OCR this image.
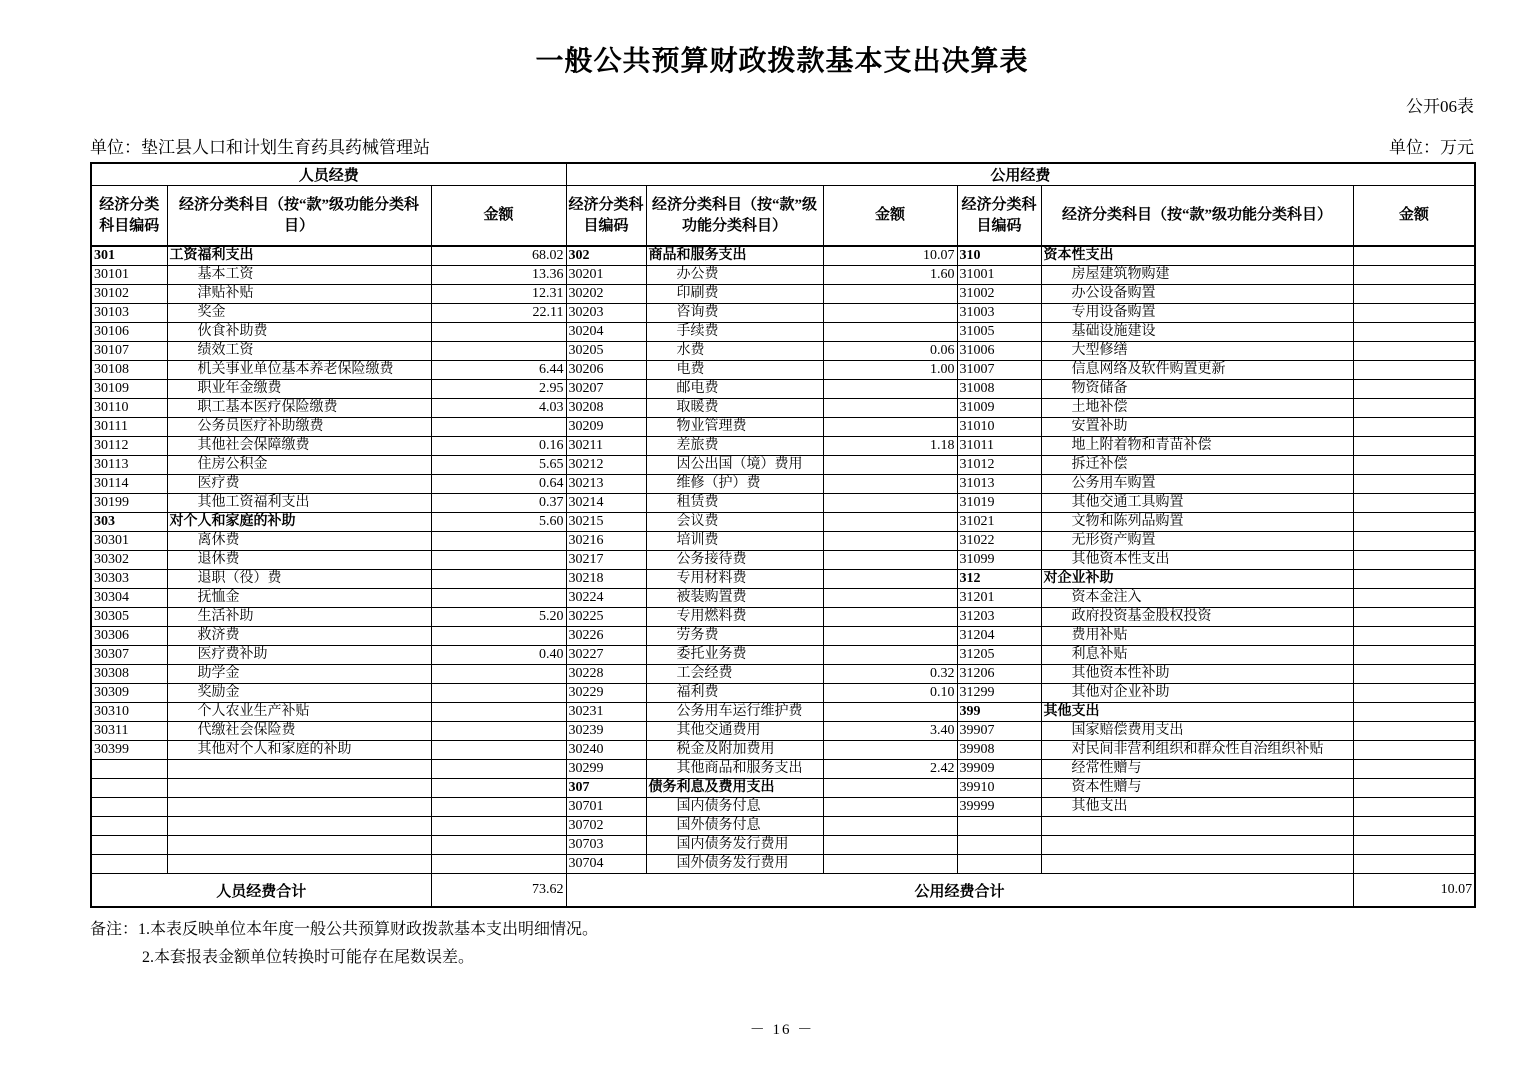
一般公共预算财政拨款基本支出决算表
公开06表
单位：垫江县人口和计划生育药具药械管理站	单位：万元
人员经费			公用经费					
经济分类科目编码	经济分类科目（按“款”级功能分类科目）	金额	经济分类科目编码	经济分类科目（按“款”级功能分类科目）	金额	经济分类科目编码	经济分类科目（按“款”级功能分类科目）	金额
301	工资福利支出	68.02	302	商品和服务支出	10.07	310	资本性支出	
30101	基本工资	13.36	30201	办公费	1.60	31001	房屋建筑物购建	
30102	津贴补贴	12.31	30202	印刷费		31002	办公设备购置	
30103	奖金	22.11	30203	咨询费		31003	专用设备购置	
30106	伙食补助费		30204	手续费		31005	基础设施建设	
30107	绩效工资		30205	水费	0.06	31006	大型修缮	
30108	机关事业单位基本养老保险缴费	6.44	30206	电费	1.00	31007	信息网络及软件购置更新	
30109	职业年金缴费	2.95	30207	邮电费		31008	物资储备	
30110	职工基本医疗保险缴费	4.03	30208	取暖费		31009	土地补偿	
30111	公务员医疗补助缴费		30209	物业管理费		31010	安置补助	
30112	其他社会保障缴费	0.16	30211	差旅费	1.18	31011	地上附着物和青苗补偿	
30113	住房公积金	5.65	30212	因公出国（境）费用		31012	拆迁补偿	
30114	医疗费	0.64	30213	维修（护）费		31013	公务用车购置	
30199	其他工资福利支出	0.37	30214	租赁费		31019	其他交通工具购置	
303	对个人和家庭的补助	5.60	30215	会议费		31021	文物和陈列品购置	
30301	离休费		30216	培训费		31022	无形资产购置	
30302	退休费		30217	公务接待费		31099	其他资本性支出	
30303	退职（役）费		30218	专用材料费		312	对企业补助	
30304	抚恤金		30224	被装购置费		31201	资本金注入	
30305	生活补助	5.20	30225	专用燃料费		31203	政府投资基金股权投资	
30306	救济费		30226	劳务费		31204	费用补贴	
30307	医疗费补助	0.40	30227	委托业务费		31205	利息补贴	
30308	助学金		30228	工会经费	0.32	31206	其他资本性补助	
30309	奖励金		30229	福利费	0.10	31299	其他对企业补助	
30310	个人农业生产补贴		30231	公务用车运行维护费		399	其他支出	
30311	代缴社会保险费		30239	其他交通费用	3.40	39907	国家赔偿费用支出	
30399	其他对个人和家庭的补助		30240	税金及附加费用		39908	对民间非营利组织和群众性自治组织补贴	
			30299	其他商品和服务支出	2.42	39909	经常性赠与	
			307	债务利息及费用支出		39910	资本性赠与	
			30701	国内债务付息		39999	其他支出	
			30702	国外债务付息				
			30703	国内债务发行费用				
			30704	国外债务发行费用				
人员经费合计		73.62	公用经费合计					10.07
备注：1.本表反映单位本年度一般公共预算财政拨款基本支出明细情况。
2.本套报表金额单位转换时可能存在尾数误差。
－ 16 －
